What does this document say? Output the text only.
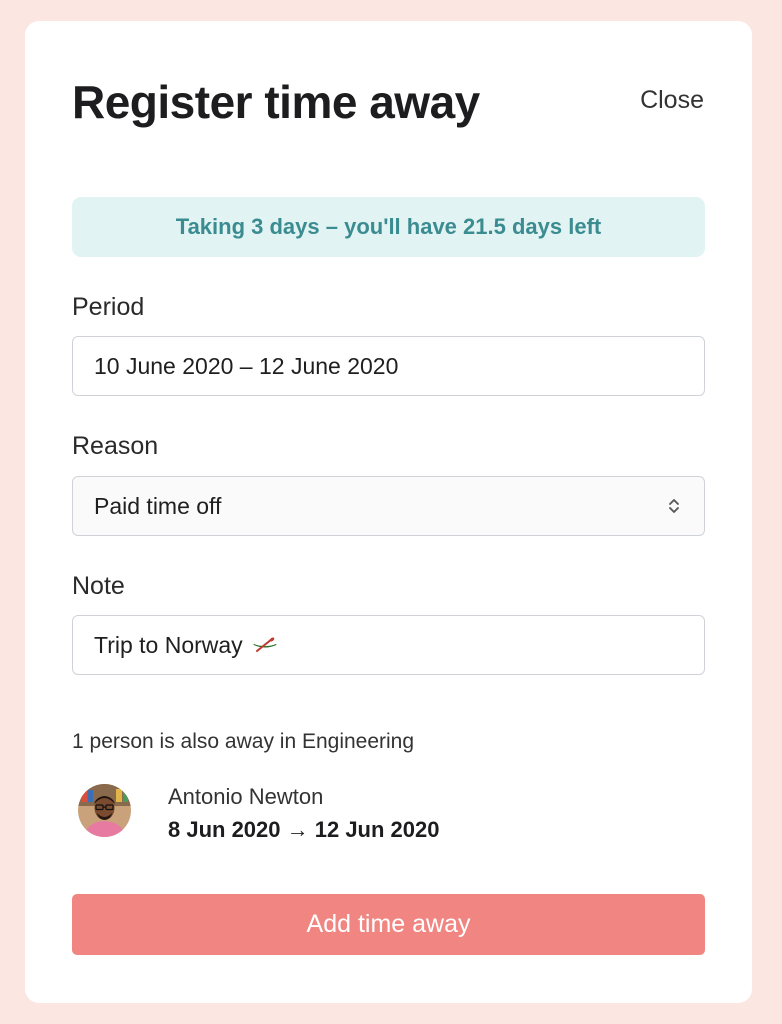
Register time away	Close
Taking 3 days – you'll have 21.5 days left
Period
10 June 2020 – 12 June 2020
Reason
Paid time off
Note
Trip to Norway
1 person is also away in Engineering
Antonio Newton
8 Jun 2020 → 12 Jun 2020
Add time away
